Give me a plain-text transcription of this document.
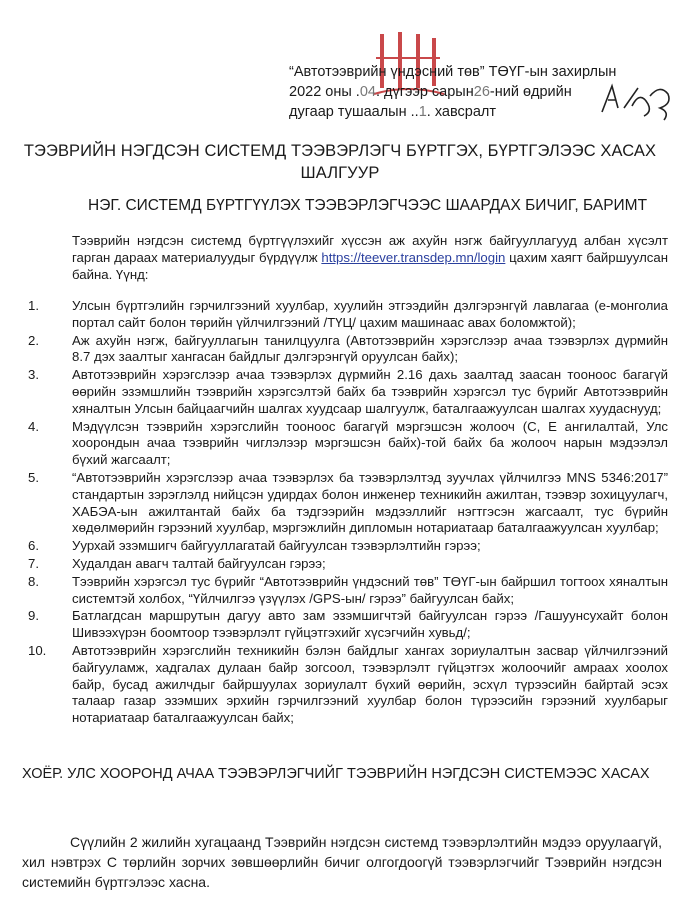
“Автотээврийн үндэсний төв” ТӨҮГ-ын захирлын
2022 оны .04. дүгээр сарын26-ний өдрийн
дугаар тушаалын ..1. хавсралт
ТЭЭВРИЙН НЭГДСЭН СИСТЕМД ТЭЭВЭРЛЭГЧ БҮРТГЭХ, БҮРТГЭЛЭЭС ХАСАХ ШАЛГУУР
НЭГ. СИСТЕМД БҮРТГҮҮЛЭХ ТЭЭВЭРЛЭГЧЭЭС ШААРДАХ БИЧИГ, БАРИМТ
Тээврийн нэгдсэн системд бүртгүүлэхийг хүссэн аж ахуйн нэгж байгууллагууд албан хүсэлт гарган дараах материалуудыг бүрдүүлж https://teever.transdep.mn/login цахим хаягт байршуулсан байна. Үүнд:
1.	Улсын бүртгэлийн гэрчилгээний хуулбар, хуулийн этгээдийн дэлгэрэнгүй лавлагаа (е-монголиа портал сайт болон төрийн үйлчилгээний /ТҮЦ/ цахим машинаас авах боломжтой);
2.	Аж ахуйн нэгж, байгууллагын танилцуулга (Автотээврийн хэрэгслээр ачаа тээвэрлэх дүрмийн 8.7 дэх заалтыг хангасан байдлыг дэлгэрэнгүй оруулсан байх);
3.	Автотээврийн хэрэгслээр ачаа тээвэрлэх дүрмийн 2.16 дахь заалтад заасан тооноос багагүй өөрийн эзэмшлийн тээврийн хэрэгсэлтэй байх ба тээврийн хэрэгсэл тус бүрийг Автотээврийн хяналтын Улсын байцаагчийн шалгах хуудсаар шалгуулж, баталгаажуулсан шалгах хуудаснууд;
4.	Мэдүүлсэн тээврийн хэрэгслийн тооноос багагүй мэргэшсэн жолооч (С, Е ангилалтай, Улс хоорондын ачаа тээврийн чиглэлээр мэргэшсэн байх)-той байх ба жолооч нарын мэдээлэл бүхий жагсаалт;
5.	“Автотээврийн хэрэгслээр ачаа тээвэрлэх ба тээвэрлэлтэд зуучлах үйлчилгээ MNS 5346:2017” стандартын зэрэглэлд нийцсэн удирдах болон инженер техникийн ажилтан, тээвэр зохицуулагч, ХАБЭА-ын ажилтантай байх ба тэдгээрийн мэдээллийг нэгтгэсэн жагсаалт, тус бүрийн хөдөлмөрийн гэрээний хуулбар, мэргэжлийн дипломын нотариатаар баталгаажуулсан хуулбар;
6.	Уурхай эзэмшигч байгууллагатай байгуулсан тээвэрлэлтийн гэрээ;
7.	Худалдан авагч талтай байгуулсан гэрээ;
8.	Тээврийн хэрэгсэл тус бүрийг “Автотээврийн үндэсний төв” ТӨҮГ-ын байршил тогтоох хяналтын системтэй холбох, “Үйлчилгээ үзүүлэх /GPS-ын/ гэрээ” байгуулсан байх;
9.	Батлагдсан маршрутын дагуу авто зам эзэмшигчтэй байгуулсан гэрээ /Гашуунсухайт болон Шивээхүрэн боомтоор тээвэрлэлт гүйцэтгэхийг хүсэгчийн хувьд/;
10.	Автотээврийн хэрэгслийн техникийн бэлэн байдлыг хангах зориулалтын засвар үйлчилгээний байгууламж, хадгалах дулаан байр зогсоол, тээвэрлэлт гүйцэтгэх жолоочийг амраах хоолох байр, бусад ажилчдыг байршуулах зориулалт бүхий өөрийн, эсхүл түрээсийн байртай эсэх талаар газар эзэмших эрхийн гэрчилгээний хуулбар болон түрээсийн гэрээний хуулбарыг нотариатаар баталгаажуулсан байх;
ХОЁР. УЛС ХООРОНД АЧАА ТЭЭВЭРЛЭГЧИЙГ ТЭЭВРИЙН НЭГДСЭН СИСТЕМЭЭС ХАСАХ
Сүүлийн 2 жилийн хугацаанд Тээврийн нэгдсэн системд тээвэрлэлтийн мэдээ оруулаагүй, хил нэвтрэх С төрлийн зорчих зөвшөөрлийн бичиг олгогдоогүй тээвэрлэгчийг Тээврийн нэгдсэн системийн бүртгэлээс хасна.
